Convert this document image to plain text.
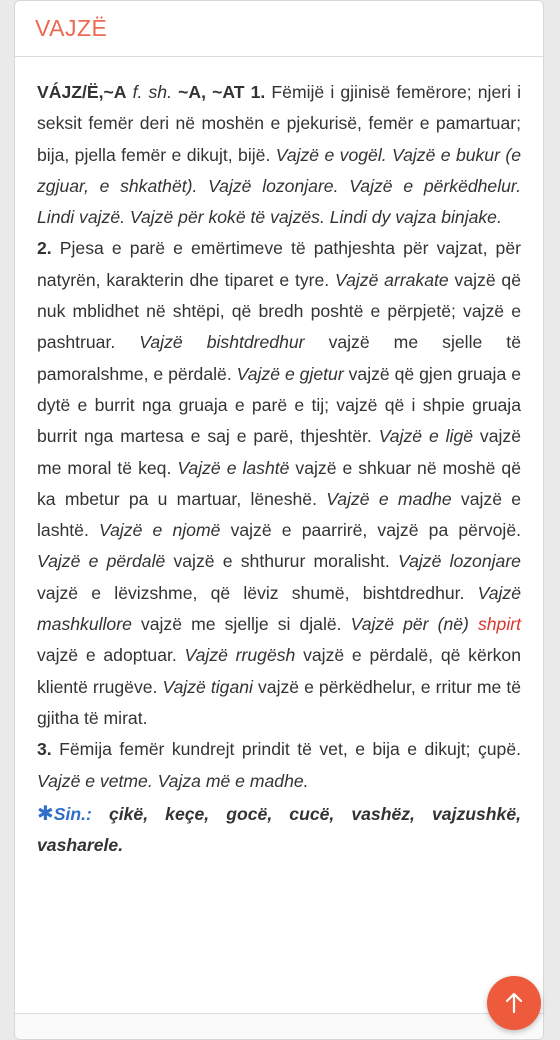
VAJZË

VÁJZ/Ë,~A f. sh. ~A, ~AT 1. Fëmijë i gjinisë femërore; njeri i seksit femër deri në moshën e pjekurisë, femër e pamartuar; bija, pjella femër e dikujt, bijë. Vajzë e vogël. Vajzë e bukur (e zgjuar, e shkathët). Vajzë lozonjare. Vajzë e përkëdhelur. Lindi vajzë. Vajzë për kokë të vajzës. Lindi dy vajza binjake.

2. Pjesa e parë e emërtimeve të pathjeshta për vajzat, për natyrën, karakterin dhe tiparet e tyre. Vajzë arrakate vajzë që nuk mblidhet në shtëpi, që bredh poshtë e përpjetë; vajzë e pashtruar. Vajzë bishtdredhur vajzë me sjelle të pamoralshme, e përdalë. Vajzë e gjetur vajzë që gjen gruaja e dytë e burrit nga gruaja e parë e tij; vajzë që i shpie gruaja burrit nga martesa e saj e parë, thjeshtër. Vajzë e ligë vajzë me moral të keq. Vajzë e lashtë vajzë e shkuar në moshë që ka mbetur pa u martuar, lëneshë. Vajzë e madhe vajzë e lashtë. Vajzë e njomë vajzë e paarrirë, vajzë pa përvojë. Vajzë e përdalë vajzë e shthurur moralisht. Vajzë lozonjare vajzë e lëvizshme, që lëviz shumë, bishtdredhur. Vajzë mashkullore vajzë me sjellje si djalë. Vajzë për (në) shpirt vajzë e adoptuar. Vajzë rrugësh vajzë e përdalë, që kërkon klientë rrugëve. Vajzë tigani vajzë e përkëdhelur, e rritur me të gjitha të mirat.

3. Fëmija femër kundrejt prindit të vet, e bija e dikujt; çupë. Vajzë e vetme. Vajza më e madhe.

✱Sin.: çikë, keçe, gocë, cucë, vashëz, vajzushkë, vasharele.
